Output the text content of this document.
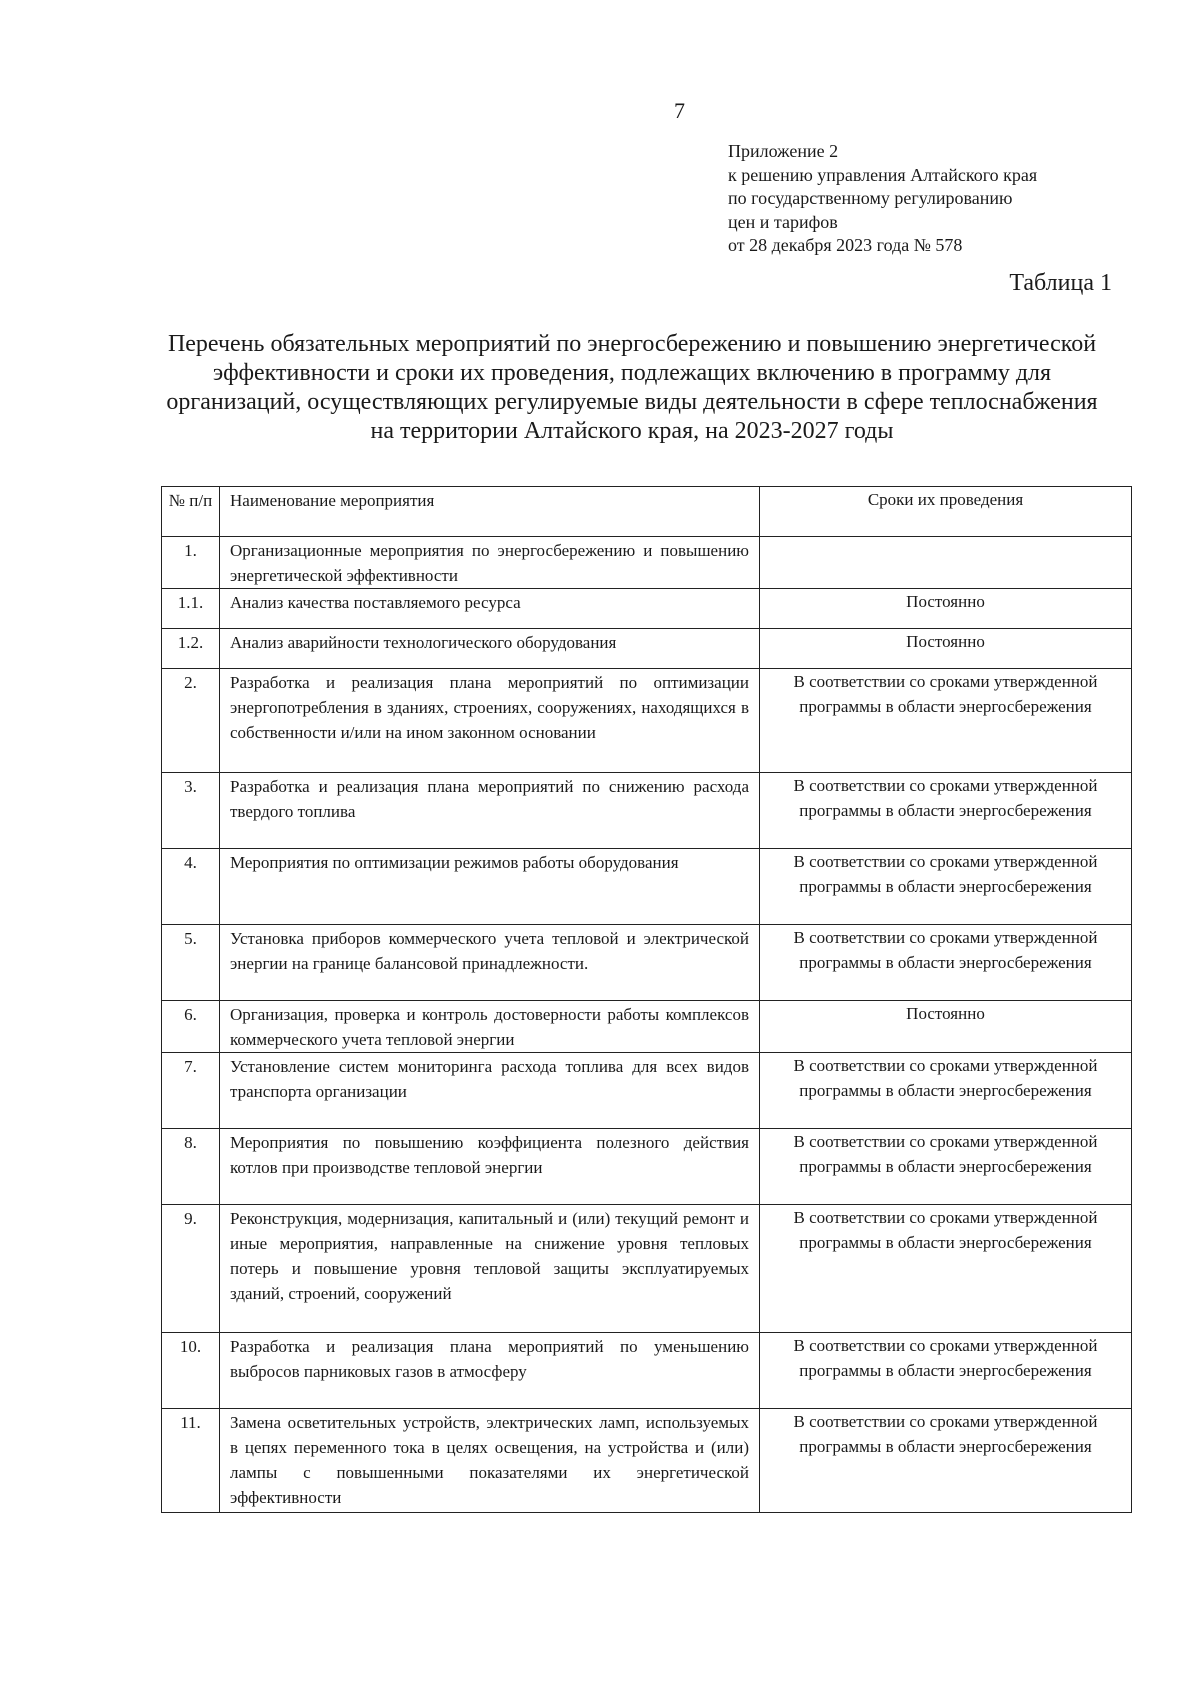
7
Приложение 2
к решению управления Алтайского края
по государственному регулированию
цен и тарифов
от 28 декабря 2023 года № 578
Таблица 1
Перечень обязательных мероприятий по энергосбережению и повышению энергетической
эффективности и сроки их проведения, подлежащих включению в программу для
организаций, осуществляющих регулируемые виды деятельности в сфере теплоснабжения
на территории Алтайского края, на 2023-2027 годы
№ п/п	Наименование мероприятия	Сроки их проведения
1.	Организационные мероприятия по энергосбережению и повышению энергетической эффективности	
1.1.	Анализ качества поставляемого ресурса	Постоянно
1.2.	Анализ аварийности технологического оборудования	Постоянно
2.	Разработка и реализация плана мероприятий по оптимизации энергопотребления в зданиях, строениях, сооружениях, находящихся в собственности и/или на ином законном основании	В соответствии со сроками утвержденной программы в области энергосбережения
3.	Разработка и реализация плана мероприятий по снижению расхода твердого топлива	В соответствии со сроками утвержденной программы в области энергосбережения
4.	Мероприятия по оптимизации режимов работы оборудования	В соответствии со сроками утвержденной программы в области энергосбережения
5.	Установка приборов коммерческого учета тепловой и электрической энергии на границе балансовой принадлежности.	В соответствии со сроками утвержденной программы в области энергосбережения
6.	Организация, проверка и контроль достоверности работы комплексов коммерческого учета тепловой энергии	Постоянно
7.	Установление систем мониторинга расхода топлива для всех видов транспорта организации	В соответствии со сроками утвержденной программы в области энергосбережения
8.	Мероприятия по повышению коэффициента полезного действия котлов при производстве тепловой энергии	В соответствии со сроками утвержденной программы в области энергосбережения
9.	Реконструкция, модернизация, капитальный и (или) текущий ремонт и иные мероприятия, направленные на снижение уровня тепловых потерь и повышение уровня тепловой защиты эксплуатируемых зданий, строений, сооружений	В соответствии со сроками утвержденной программы в области энергосбережения
10.	Разработка и реализация плана мероприятий по уменьшению выбросов парниковых газов в атмосферу	В соответствии со сроками утвержденной программы в области энергосбережения
11.	Замена осветительных устройств, электрических ламп, используемых в цепях переменного тока в целях освещения, на устройства и (или) лампы с повышенными показателями их энергетической эффективности	В соответствии со сроками утвержденной программы в области энергосбережения
